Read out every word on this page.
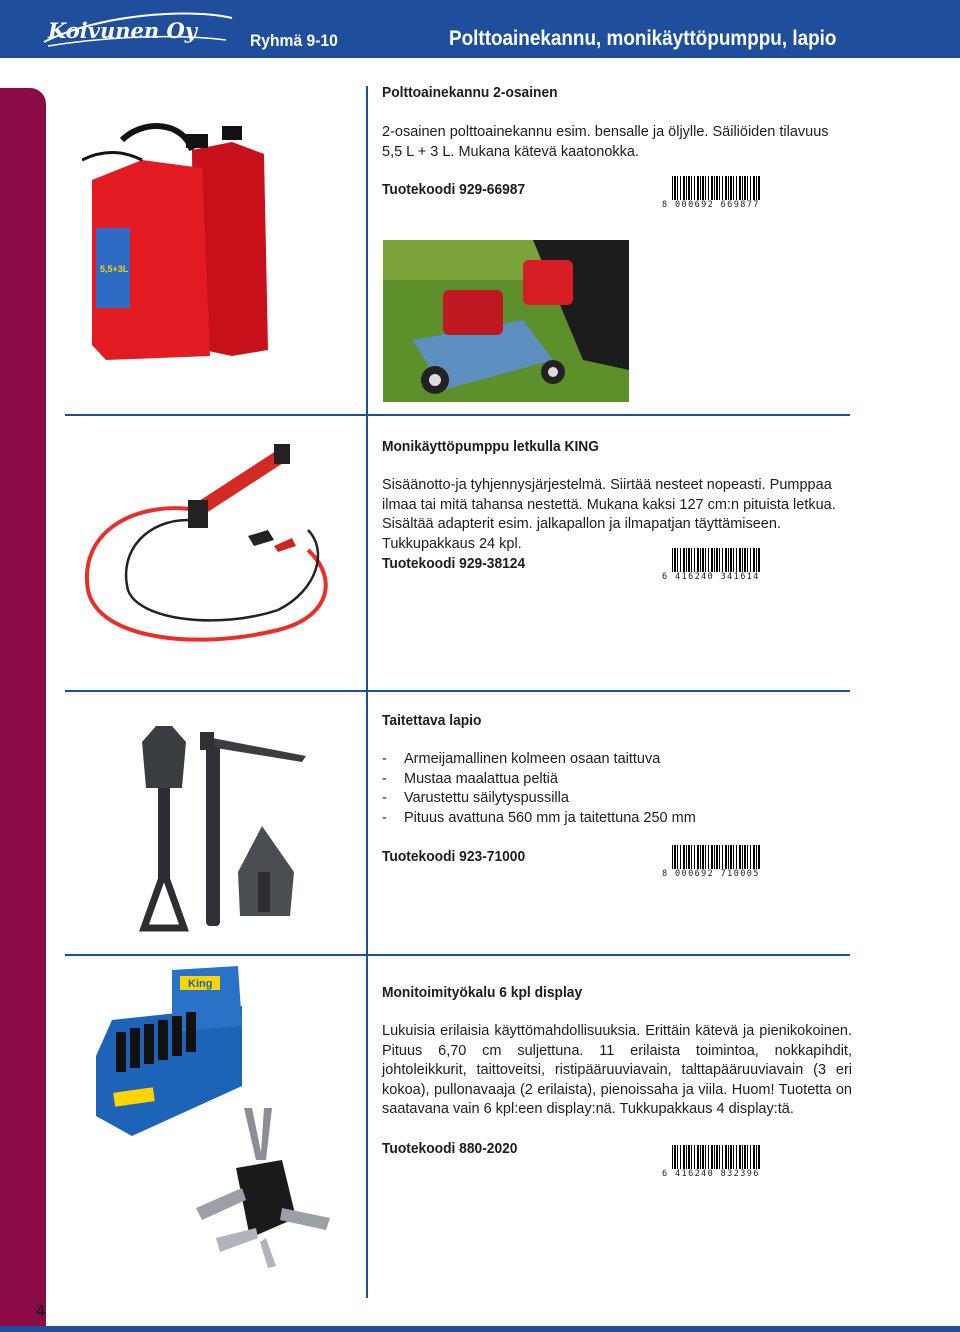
Koivunen Oy	Ryhmä 9-10	Polttoainekannu, monikäyttöpumppu, lapio
5,5+3L
Polttoainekannu 2-osainen
2-osainen polttoainekannu esim. bensalle ja öljylle. Säiliöiden tilavuus 5,5 L + 3 L. Mukana kätevä kaatonokka.
Tuotekoodi 929-66987
8 000692 669877
Monikäyttöpumppu letkulla KING
Sisäänotto-ja tyhjennysjärjestelmä. Siirtää nesteet nopeasti. Pumppaa ilmaa tai mitä tahansa nestettä. Mukana kaksi 127 cm:n pituista letkua. Sisältää adapterit esim. jalkapallon ja ilmapatjan täyttämiseen. Tukkupakkaus 24 kpl.
Tuotekoodi 929-38124
6 416240 341614
Taitettava lapio
- Armeijamallinen kolmeen osaan taittuva
- Mustaa maalattua peltiä
- Varustettu säilytyspussilla
- Pituus avattuna 560 mm ja taitettuna 250 mm
Tuotekoodi 923-71000
8 000692 710005
King	Monitoimityökalu 6 kpl display
Lukuisia erilaisia käyttömahdollisuuksia. Erittäin kätevä ja pienikokoinen. Pituus 6,70 cm suljettuna. 11 erilaista toimintoa, nokkapihdit, johtoleikkurit, taittoveitsi, ristipääruuviavain, talttapääruuviavain (3 eri kokoa), pullonavaaja (2 erilaista), pienoissaha ja viila. Huom! Tuotetta on saatavana vain 6 kpl:een display:nä. Tukkupakkaus 4 display:tä.
Tuotekoodi 880-2020
6 416240 832396
4
